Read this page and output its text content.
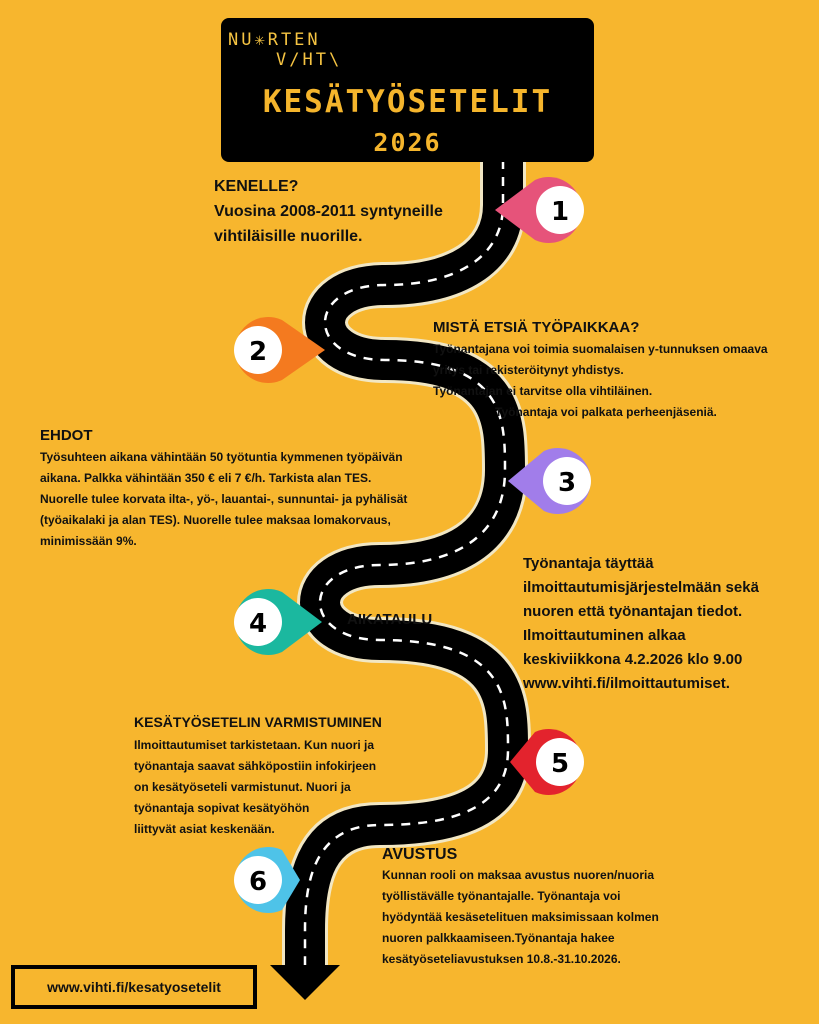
1
2
3
4
5
6
NU✳RTEN
V/HT\
KESÄTYÖSETELIT
2026
KENELLE?
Vuosina 2008-2011 syntyneille
vihtiläisille nuorille.
MISTÄ ETSIÄ TYÖPAIKKAA?
Työnantajana voi toimia suomalaisen y-tunnuksen omaava
yritys tai rekisteröitynyt yhdistys.
Työnantajan ei tarvitse olla vihtiläinen.
Työnantaja voi palkata perheenjäseniä.
EHDOT
Työsuhteen aikana vähintään 50 työtuntia kymmenen työpäivän
aikana. Palkka vähintään 350 € eli 7 €/h. Tarkista alan TES.
Nuorelle tulee korvata ilta-, yö-, lauantai-, sunnuntai- ja pyhälisät
(työaikalaki ja alan TES). Nuorelle tulee maksaa lomakorvaus,
minimissään 9%.
AIKATAULU
Työnantaja täyttää
ilmoittautumisjärjestelmään sekä
nuoren että työnantajan tiedot.
Ilmoittautuminen alkaa
keskiviikkona 4.2.2026 klo 9.00
www.vihti.fi/ilmoittautumiset.
KESÄTYÖSETELIN VARMISTUMINEN
Ilmoittautumiset tarkistetaan. Kun nuori ja
työnantaja saavat sähköpostiin infokirjeen
on kesätyöseteli varmistunut. Nuori ja
työnantaja sopivat kesätyöhön
liittyvät asiat keskenään.
AVUSTUS
Kunnan rooli on maksaa avustus nuoren/nuoria
työllistävälle työnantajalle. Työnantaja voi
hyödyntää kesäsetelituen maksimissaan kolmen
nuoren palkkaamiseen.Työnantaja hakee
kesätyöseteliavustuksen 10.8.-31.10.2026.
www.vihti.fi/kesatyosetelit
